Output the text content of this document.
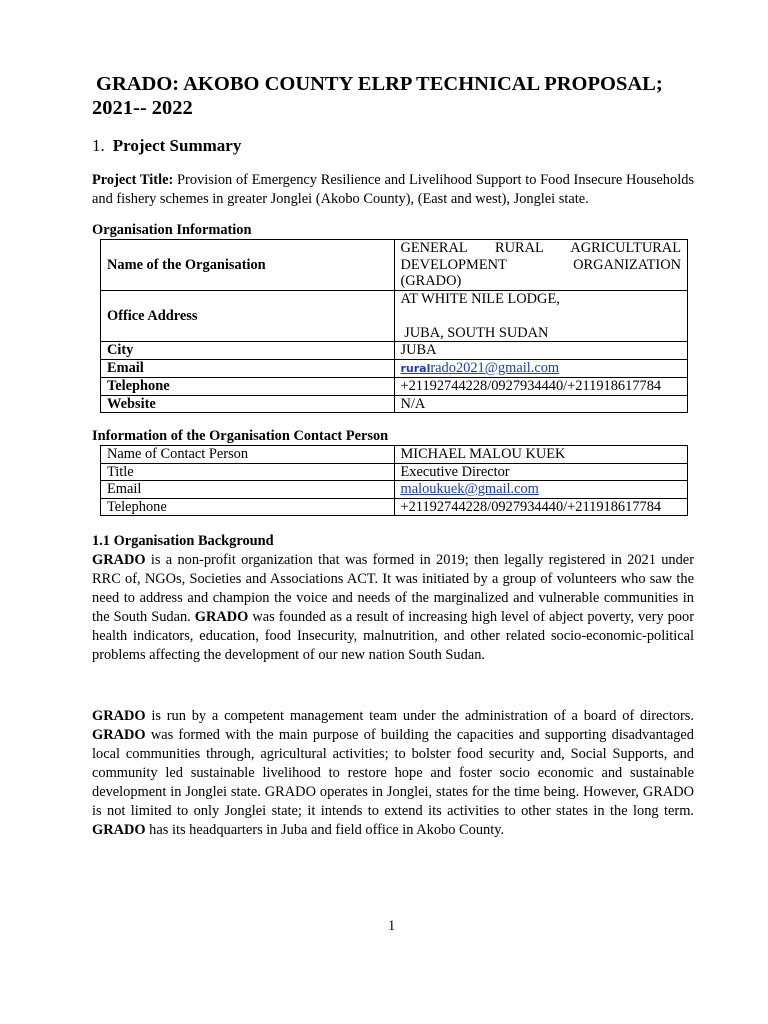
GRADO: AKOBO COUNTY ELRP TECHNICAL PROPOSAL;
2021-- 2022
1. Project Summary
Project Title: Provision of Emergency Resilience and Livelihood Support to Food Insecure Households and fishery schemes in greater Jonglei (Akobo County), (East and west), Jonglei state.
Organisation Information
Name of the Organisation	GENERAL RURAL AGRICULTURAL
DEVELOPMENT ORGANIZATION
(GRADO)

Office Address	AT WHITE NILE LODGE,
JUBA, SOUTH SUDAN

City	JUBA
Email	ruralrado2021@gmail.com
Telephone	+21192744228/0927934440/+211918617784
Website	N/A
Information of the Organisation Contact Person
Name of Contact Person	MICHAEL MALOU KUEK
Title	Executive Director
Email	maloukuek@gmail.com
Telephone	+21192744228/0927934440/+211918617784
1.1 Organisation Background
GRADO is a non-profit organization that was formed in 2019; then legally registered in 2021 under RRC of, NGOs, Societies and Associations ACT. It was initiated by a group of volunteers who saw the need to address and champion the voice and needs of the marginalized and vulnerable communities in the South Sudan. GRADO was founded as a result of increasing high level of abject poverty, very poor health indicators, education, food Insecurity, malnutrition, and other related socio-economic-political problems affecting the development of our new nation South Sudan.
GRADO is run by a competent management team under the administration of a board of directors. GRADO was formed with the main purpose of building the capacities and supporting disadvantaged local communities through, agricultural activities; to bolster food security and, Social Supports, and community led sustainable livelihood to restore hope and foster socio economic and sustainable development in Jonglei state. GRADO operates in Jonglei, states for the time being. However, GRADO is not limited to only Jonglei state; it intends to extend its activities to other states in the long term. GRADO has its headquarters in Juba and field office in Akobo County.
1
